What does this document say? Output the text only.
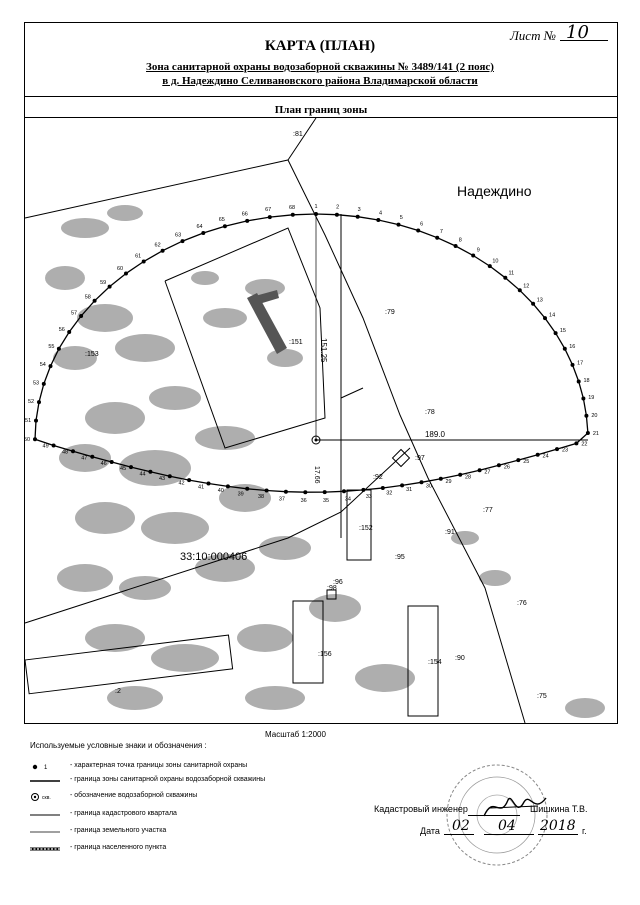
КАРТА (ПЛАН)
Лист № 10
Зона санитарной охраны водозаборной скважины № 3489/141 (2 пояс)
в д. Надеждино Селивановского района Владимарской области
План границ зоны
Надеждино
33:10:000406
189.0
151.25
17.66
:81
:79
:78
:153
:151
:152
:92
:97
:91
:77
:95
:96
:98
:76
:156
:154
:90
:75
:2
1	2	3
4
5
6
7
8
9
10
11
12
13
14
15
16
17
18
19
20
21
22
23
24
25
26
27
28
29
30
31
32
33
34
35
36
37
38
39
40
41
42
43
44
45
46
47
48
49
50
51
52
53
54
55
56
57
58
59
60
61
62
63
64
65
66
67	68
Масштаб 1:2000
Используемые условные знаки и обозначения :
1	- характерная точка границы зоны санитарной охраны
- граница зоны санитарной охраны водозаборной скважины
скв.	- обозначение водозаборной скважины
- граница кадастрового квартала
- граница земельного участка
- граница населенного пункта
Кадастровый инженер	Шишкина Т.В.
Дата 02 04 2018 г.
